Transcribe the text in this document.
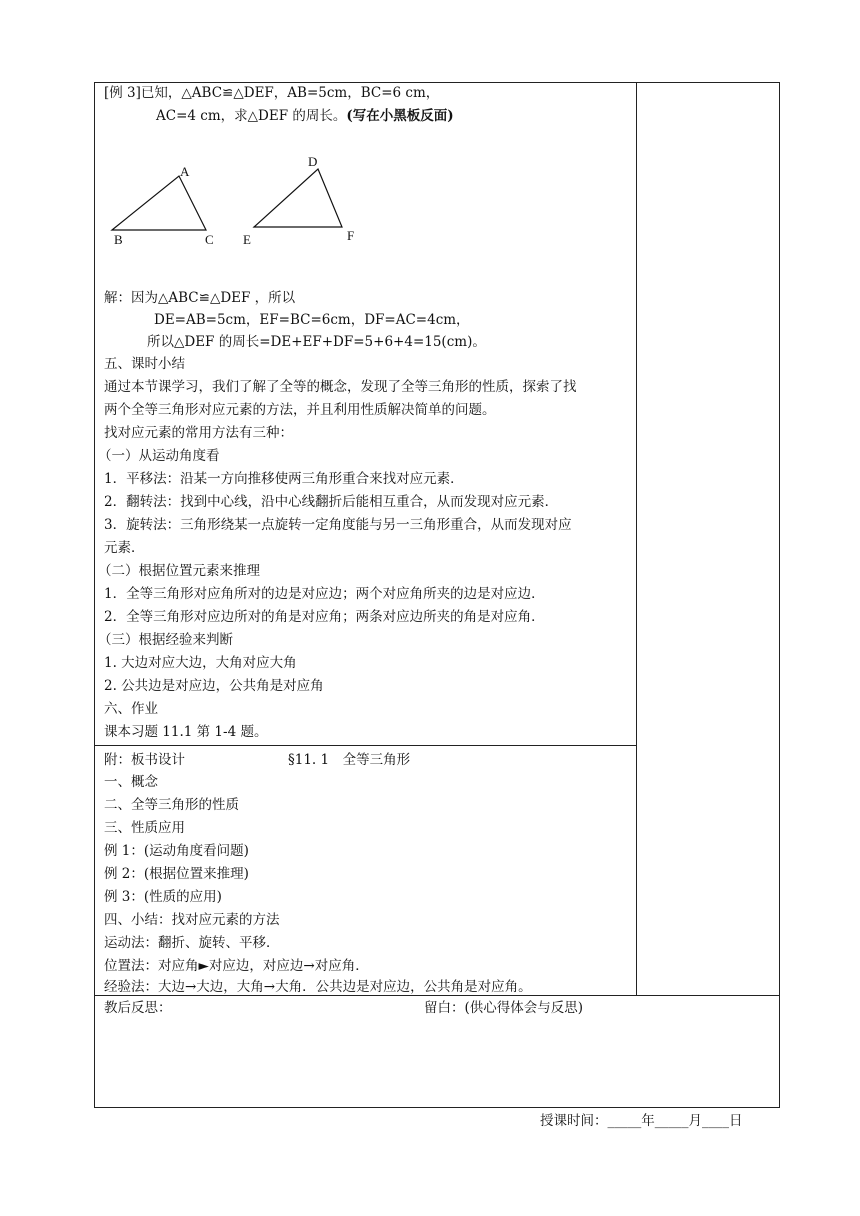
[例 3]已知，△ABC≌△DEF，AB=5cm，BC=6 cm，
AC=4 cm，求△DEF 的周长。(写在小黑板反面)
A
B	C
D
E	F
解：因为△ABC≌△DEF ，所以
DE=AB=5cm，EF=BC=6cm，DF=AC=4cm，
所以△DEF 的周长=DE+EF+DF=5+6+4=15(cm)。
五、课时小结
通过本节课学习，我们了解了全等的概念，发现了全等三角形的性质，探索了找
两个全等三角形对应元素的方法，并且利用性质解决简单的问题。
找对应元素的常用方法有三种：
（一）从运动角度看
1．平移法：沿某一方向推移使两三角形重合来找对应元素．
2．翻转法：找到中心线，沿中心线翻折后能相互重合，从而发现对应元素．
3．旋转法：三角形绕某一点旋转一定角度能与另一三角形重合，从而发现对应
元素．
（二）根据位置元素来推理
1．全等三角形对应角所对的边是对应边；两个对应角所夹的边是对应边．
2．全等三角形对应边所对的角是对应角；两条对应边所夹的角是对应角．
（三）根据经验来判断
1. 大边对应大边，大角对应大角
2. 公共边是对应边，公共角是对应角
六、作业
课本习题 11.1 第 1-4 题。
附：板书设计	§11. 1　全等三角形
一、概念
二、全等三角形的性质
三、性质应用
例 1：(运动角度看问题)
例 2：(根据位置来推理)
例 3：(性质的应用)
四、小结：找对应元素的方法
运动法：翻折、旋转、平移．
位置法：对应角►对应边，对应边→对应角．
经验法：大边→大边，大角→大角．公共边是对应边，公共角是对应角。
教后反思：	留白：(供心得体会与反思)
授课时间：_____年_____月____日
